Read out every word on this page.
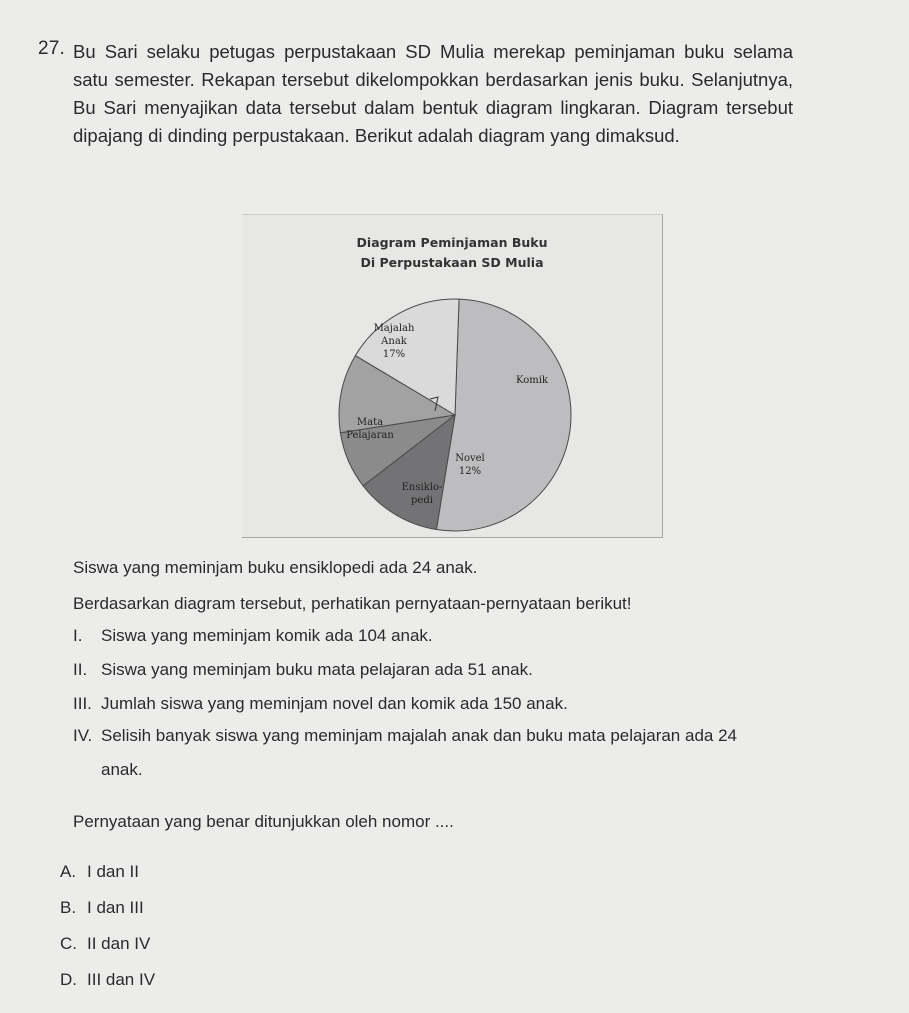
27. Bu Sari selaku petugas perpustakaan SD Mulia merekap peminjaman buku selama satu semester. Rekapan tersebut dikelompokkan berdasarkan jenis buku. Selanjutnya, Bu Sari menyajikan data tersebut dalam bentuk diagram lingkaran. Diagram tersebut dipajang di dinding perpustakaan. Berikut adalah diagram yang dimaksud.
Diagram Peminjaman Buku
Di Perpustakaan SD Mulia
Komik
Novel 12%
Ensiklo-pedi
Mata Pelajaran
Majalah Anak 17%
Siswa yang meminjam buku ensiklopedi ada 24 anak.
Berdasarkan diagram tersebut, perhatikan pernyataan-pernyataan berikut!
I. Siswa yang meminjam komik ada 104 anak.
II. Siswa yang meminjam buku mata pelajaran ada 51 anak.
III. Jumlah siswa yang meminjam novel dan komik ada 150 anak.
IV. Selisih banyak siswa yang meminjam majalah anak dan buku mata pelajaran ada 24
anak.
Pernyataan yang benar ditunjukkan oleh nomor ....
A. I dan II
B. I dan III
C. II dan IV
D. III dan IV
